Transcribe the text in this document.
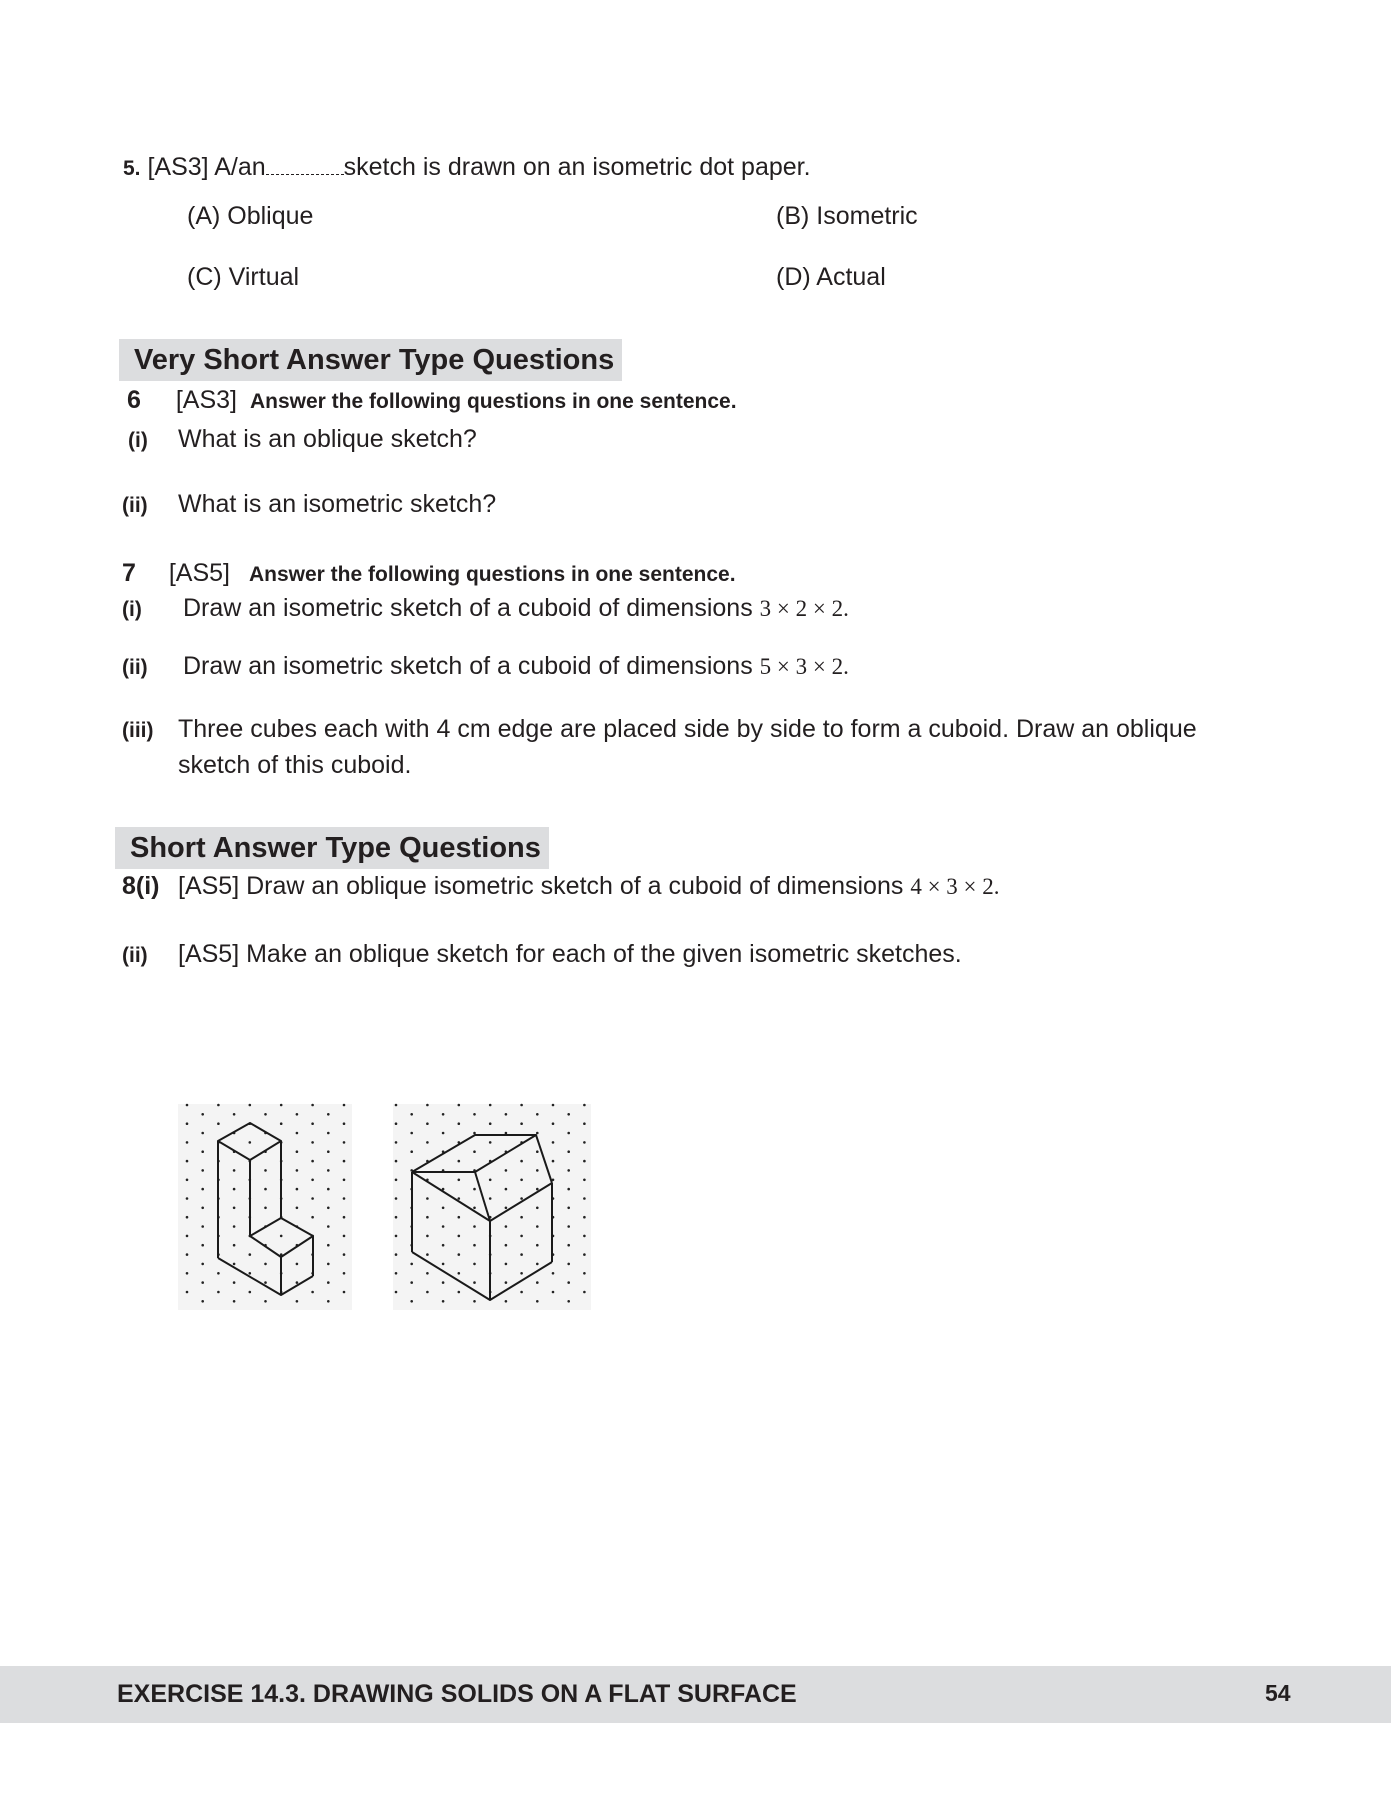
5. [AS3] A/an	sketch is drawn on an isometric dot paper.
(A) Oblique	(B) Isometric
(C) Virtual	(D) Actual
Very Short Answer Type Questions
6 [AS3] Answer the following questions in one sentence.
(i) What is an oblique sketch?
(ii) What is an isometric sketch?
7 [AS5] Answer the following questions in one sentence.
(i) Draw an isometric sketch of a cuboid of dimensions 3 × 2 × 2.
(ii) Draw an isometric sketch of a cuboid of dimensions 5 × 3 × 2.
(iii) Three cubes each with 4 cm edge are placed side by side to form a cuboid. Draw an oblique
sketch of this cuboid.
Short Answer Type Questions
8(i) [AS5] Draw an oblique isometric sketch of a cuboid of dimensions 4 × 3 × 2.
(ii) [AS5] Make an oblique sketch for each of the given isometric sketches.
EXERCISE 14.3. DRAWING SOLIDS ON A FLAT SURFACE	54
